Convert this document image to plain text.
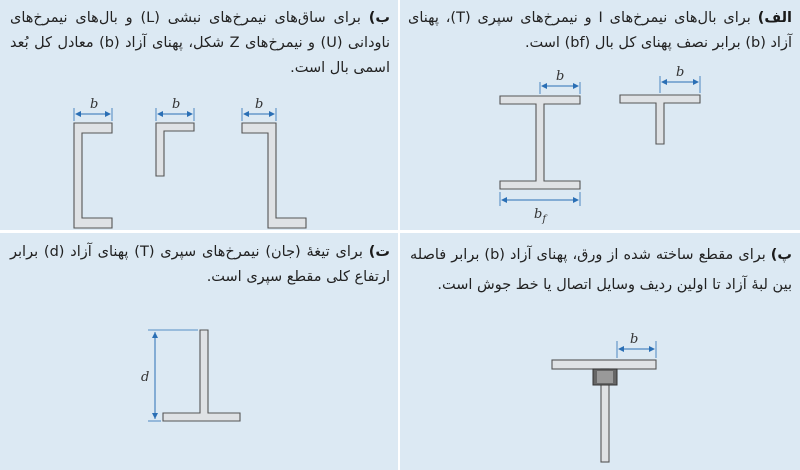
الف) برای بال‌های نیمرخ‌های I و نیمرخ‌های سپری (T)، پهنای آزاد (b) برابر نصف پهنای کل بال (bf) است.
b
$b_f$
b
ب) برای ساق‌های نیمرخ‌های نبشی (L) و بال‌های نیمرخ‌های ناودانی (U) و نیمرخ‌های Z شکل، پهنای آزاد (b) معادل کل بُعد اسمی بال است.
b	b	b
پ) برای مقطع ساخته شده از ورق، پهنای آزاد (b) برابر فاصله بین لبهٔ آزاد تا اولین ردیف وسایل اتصال یا خط جوش است.
b
ت) برای تیغهٔ (جان) نیمرخ‌های سپری (T) پهنای آزاد (d) برابر ارتفاع کلی مقطع سپری است.
d
